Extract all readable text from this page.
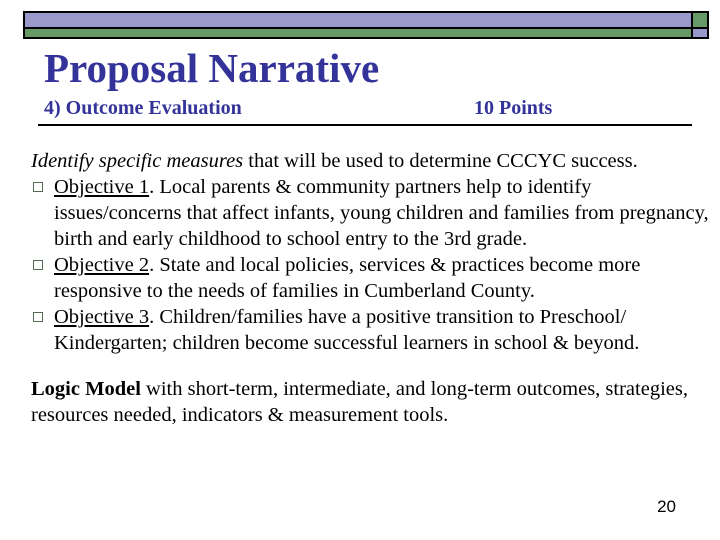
Proposal Narrative
4) Outcome Evaluation	10 Points
Identify specific measures that will be used to determine CCCYC success.
Objective 1. Local parents & community partners help to identify issues/concerns that affect infants, young children and families from pregnancy, birth and early childhood to school entry to the 3rd grade.
Objective 2. State and local policies, services & practices become more responsive to the needs of families in Cumberland County.
Objective 3. Children/families have a positive transition to Preschool/ Kindergarten; children become successful learners in school & beyond.
Logic Model with short-term, intermediate, and long-term outcomes, strategies, resources needed, indicators & measurement tools.
20
